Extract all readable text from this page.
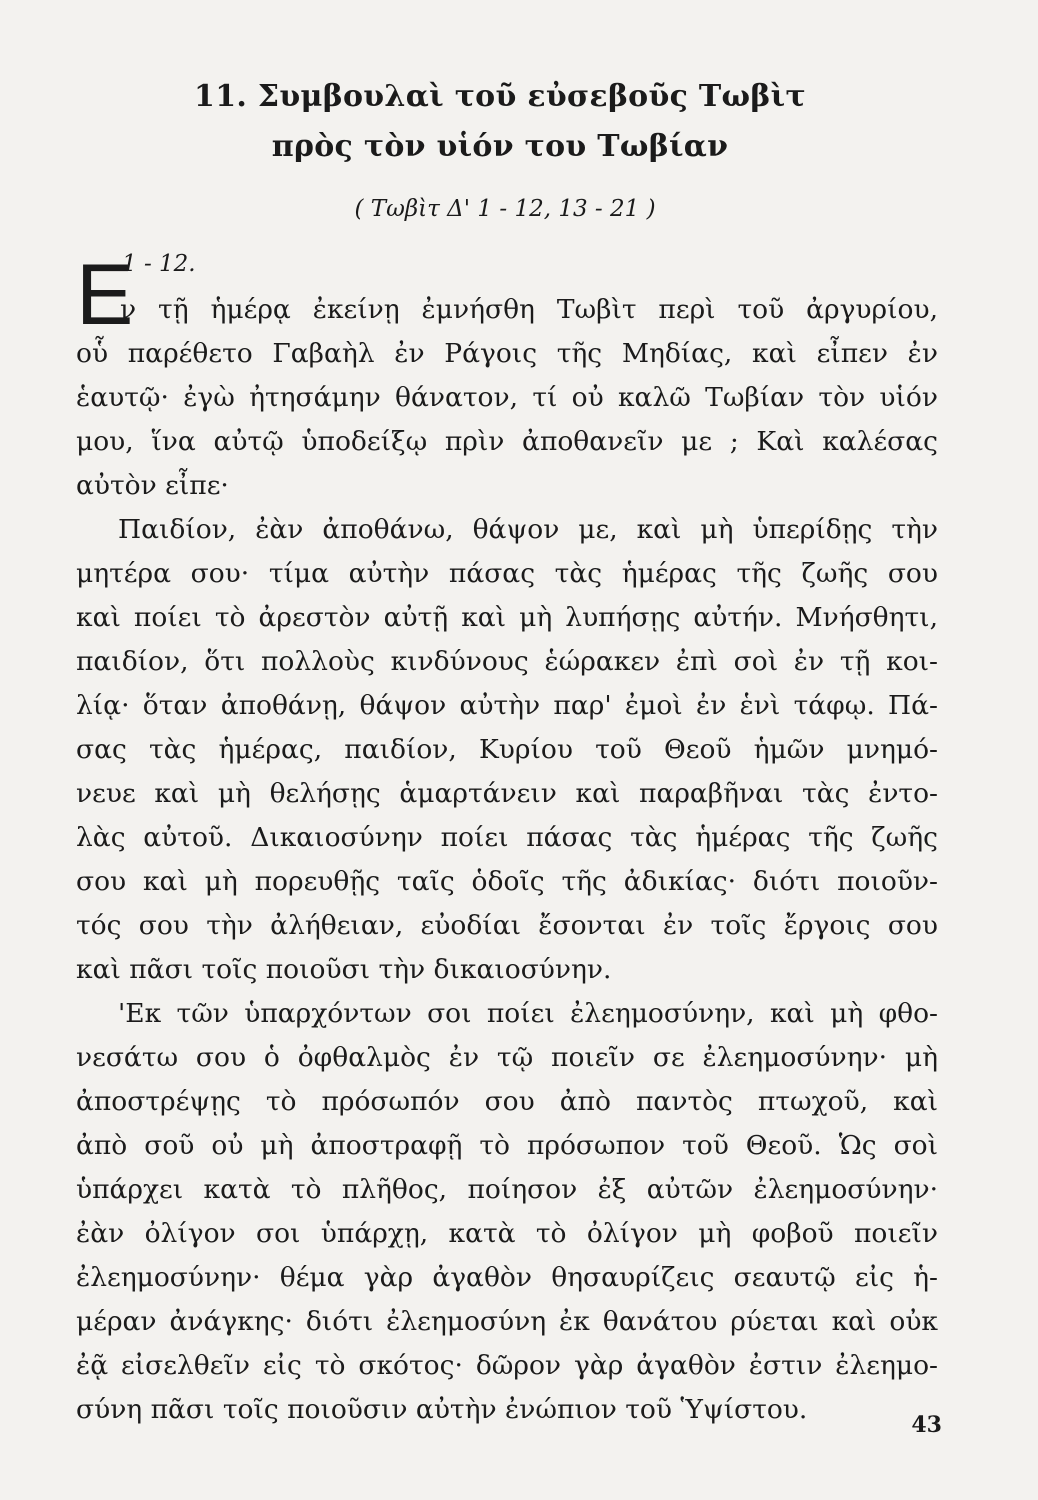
11. Συμβουλαὶ τοῦ εὐσεβοῦς Τωβὶτ
πρὸς τὸν υἱόν του Τωβίαν
( Τωβὶτ Δ' 1 - 12, 13 - 21 )
Ε
1 - 12.
ν τῇ ἡμέρᾳ ἐκείνῃ ἐμνήσθη Τωβὶτ περὶ τοῦ ἀργυρίου,
οὗ παρέθετο Γαβαὴλ ἐν Ράγοις τῆς Μηδίας, καὶ εἶπεν ἐν
ἑαυτῷ· ἐγὼ ἠτησάμην θάνατον, τί οὐ καλῶ Τωβίαν τὸν υἱόν
μου, ἵνα αὐτῷ ὑποδείξῳ πρὶν ἀποθανεῖν με ; Καὶ καλέσας
αὐτὸν εἶπε·
Παιδίον, ἐὰν ἀποθάνω, θάψον με, καὶ μὴ ὑπερίδῃς τὴν
μητέρα σου· τίμα αὐτὴν πάσας τὰς ἡμέρας τῆς ζωῆς σου
καὶ ποίει τὸ ἀρεστὸν αὐτῇ καὶ μὴ λυπήσῃς αὐτήν. Μνήσθητι,
παιδίον, ὅτι πολλοὺς κινδύνους ἑώρακεν ἐπὶ σοὶ ἐν τῇ κοι-
λίᾳ· ὅταν ἀποθάνῃ, θάψον αὐτὴν παρ' ἐμοὶ ἐν ἑνὶ τάφῳ. Πά-
σας τὰς ἡμέρας, παιδίον, Κυρίου τοῦ Θεοῦ ἡμῶν μνημό-
νευε καὶ μὴ θελήσῃς ἁμαρτάνειν καὶ παραβῆναι τὰς ἐντο-
λὰς αὐτοῦ. Δικαιοσύνην ποίει πάσας τὰς ἡμέρας τῆς ζωῆς
σου καὶ μὴ πορευθῇς ταῖς ὁδοῖς τῆς ἀδικίας· διότι ποιοῦν-
τός σου τὴν ἀλήθειαν, εὐοδίαι ἔσονται ἐν τοῖς ἔργοις σου
καὶ πᾶσι τοῖς ποιοῦσι τὴν δικαιοσύνην.
'Εκ τῶν ὑπαρχόντων σοι ποίει ἐλεημοσύνην, καὶ μὴ φθο-
νεσάτω σου ὁ ὀφθαλμὸς ἐν τῷ ποιεῖν σε ἐλεημοσύνην· μὴ
ἀποστρέψῃς τὸ πρόσωπόν σου ἀπὸ παντὸς πτωχοῦ, καὶ
ἀπὸ σοῦ οὐ μὴ ἀποστραφῇ τὸ πρόσωπον τοῦ Θεοῦ. Ὡς σοὶ
ὑπάρχει κατὰ τὸ πλῆθος, ποίησον ἐξ αὐτῶν ἐλεημοσύνην·
ἐὰν ὀλίγον σοι ὑπάρχῃ, κατὰ τὸ ὀλίγον μὴ φοβοῦ ποιεῖν
ἐλεημοσύνην· θέμα γὰρ ἀγαθὸν θησαυρίζεις σεαυτῷ εἰς ἡ-
μέραν ἀνάγκης· διότι ἐλεημοσύνη ἐκ θανάτου ρύεται καὶ οὐκ
ἐᾷ εἰσελθεῖν εἰς τὸ σκότος· δῶρον γὰρ ἀγαθὸν ἐστιν ἐλεημο-
σύνη πᾶσι τοῖς ποιοῦσιν αὐτὴν ἐνώπιον τοῦ Ὑψίστου.	43
